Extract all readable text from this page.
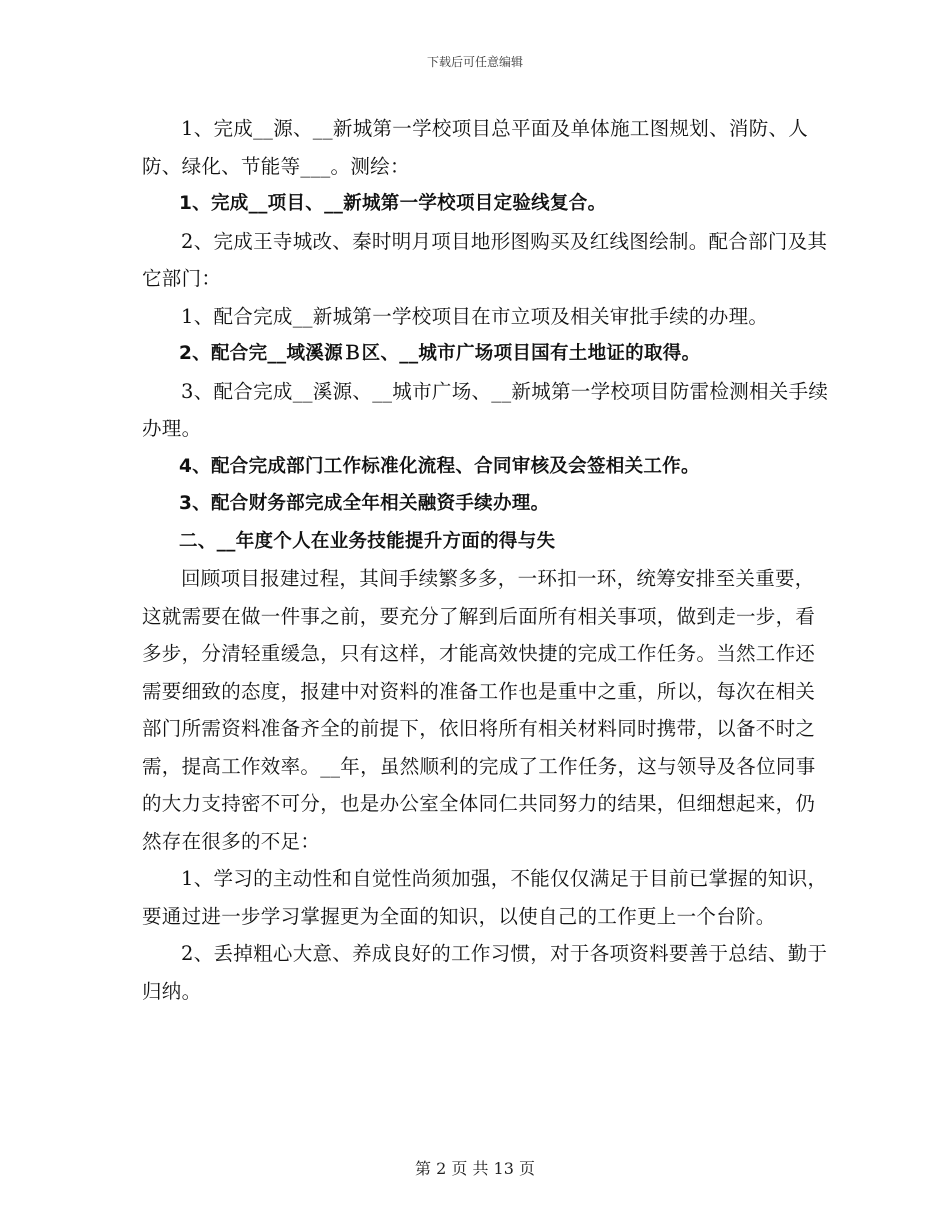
下载后可任意编辑

1、完成__源、__新城第一学校项目总平面及单体施工图规划、消防、人防、绿化、节能等___。测绘：

1、完成__项目、__新城第一学校项目定验线复合。

2、完成王寺城改、秦时明月项目地形图购买及红线图绘制。配合部门及其它部门：

1、配合完成__新城第一学校项目在市立项及相关审批手续的办理。

2、配合完__域溪源Ｂ区、__城市广场项目国有土地证的取得。

3、配合完成__溪源、__城市广场、__新城第一学校项目防雷检测相关手续办理。

4、配合完成部门工作标准化流程、合同审核及会签相关工作。

3、配合财务部完成全年相关融资手续办理。

二、__年度个人在业务技能提升方面的得与失

回顾项目报建过程，其间手续繁多多，一环扣一环，统筹安排至关重要，这就需要在做一件事之前，要充分了解到后面所有相关事项，做到走一步，看多步，分清轻重缓急，只有这样，才能高效快捷的完成工作任务。当然工作还需要细致的态度，报建中对资料的准备工作也是重中之重，所以，每次在相关部门所需资料准备齐全的前提下，依旧将所有相关材料同时携带，以备不时之需，提高工作效率。__年，虽然顺利的完成了工作任务，这与领导及各位同事的大力支持密不可分，也是办公室全体同仁共同努力的结果，但细想起来，仍然存在很多的不足：

1、学习的主动性和自觉性尚须加强，不能仅仅满足于目前已掌握的知识，要通过进一步学习掌握更为全面的知识，以使自己的工作更上一个台阶。

2、丢掉粗心大意、养成良好的工作习惯，对于各项资料要善于总结、勤于归纳。

第 2 页 共 13 页
